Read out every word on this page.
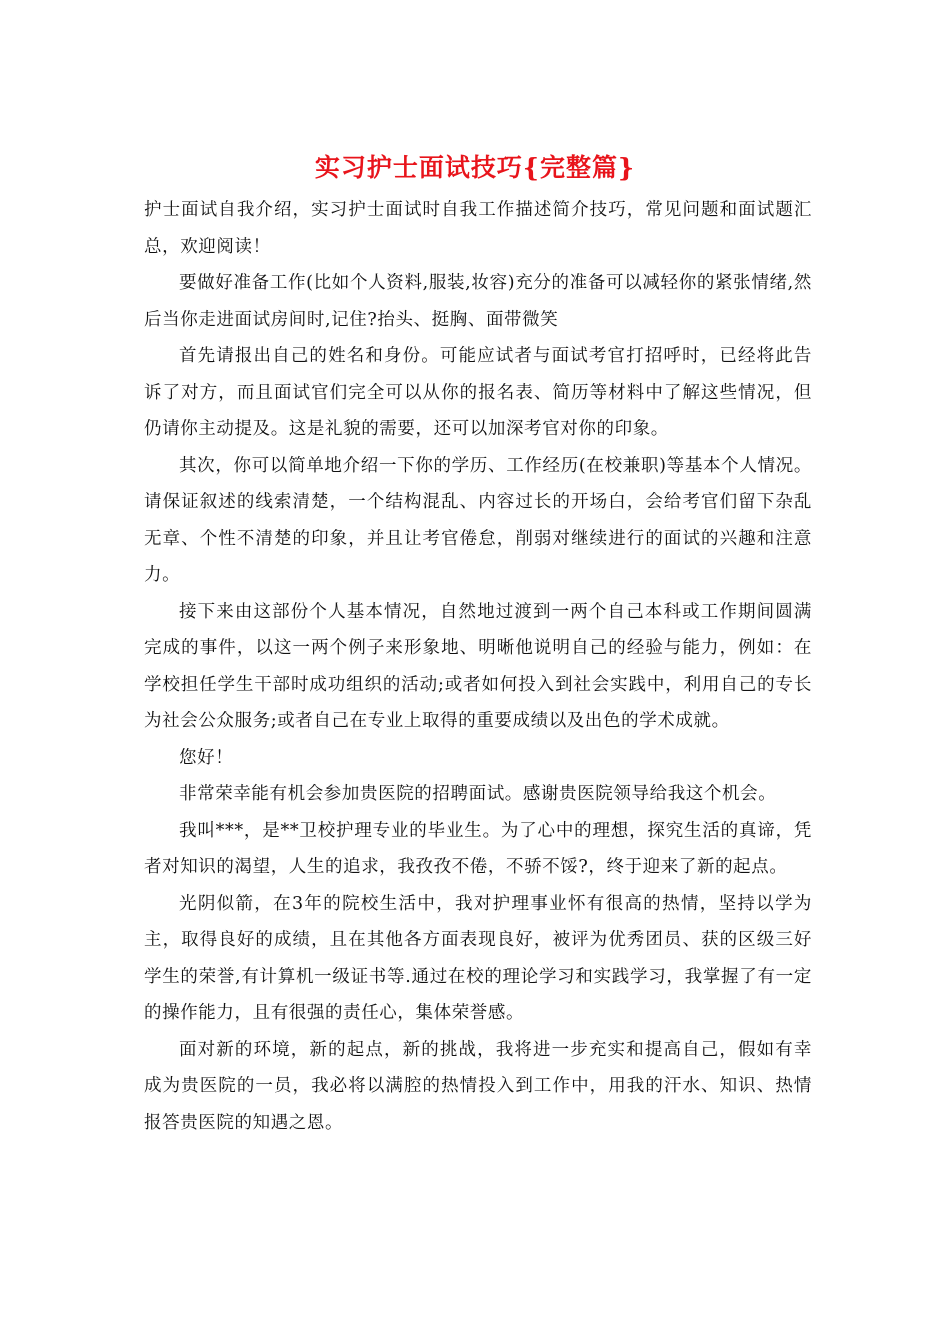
实习护士面试技巧{完整篇}

护士面试自我介绍，实习护士面试时自我工作描述简介技巧，常见问题和面试题汇总，欢迎阅读！

要做好准备工作(比如个人资料,服装,妆容)充分的准备可以减轻你的紧张情绪,然后当你走进面试房间时,记住?抬头、挺胸、面带微笑

首先请报出自己的姓名和身份。可能应试者与面试考官打招呼时，已经将此告诉了对方，而且面试官们完全可以从你的报名表、简历等材料中了解这些情况，但仍请你主动提及。这是礼貌的需要，还可以加深考官对你的印象。

其次，你可以简单地介绍一下你的学历、工作经历(在校兼职)等基本个人情况。请保证叙述的线索清楚，一个结构混乱、内容过长的开场白，会给考官们留下杂乱无章、个性不清楚的印象，并且让考官倦怠，削弱对继续进行的面试的兴趣和注意力。

接下来由这部份个人基本情况，自然地过渡到一两个自己本科或工作期间圆满完成的事件，以这一两个例子来形象地、明晰他说明自己的经验与能力，例如：在学校担任学生干部时成功组织的活动;或者如何投入到社会实践中，利用自己的专长为社会公众服务;或者自己在专业上取得的重要成绩以及出色的学术成就。

您好！

非常荣幸能有机会参加贵医院的招聘面试。感谢贵医院领导给我这个机会。

我叫***，是**卫校护理专业的毕业生。为了心中的理想，探究生活的真谛，凭者对知识的渴望，人生的追求，我孜孜不倦，不骄不馁?，终于迎来了新的起点。

光阴似箭，在3年的院校生活中，我对护理事业怀有很高的热情，坚持以学为主，取得良好的成绩，且在其他各方面表现良好，被评为优秀团员、获的区级三好学生的荣誉,有计算机一级证书等.通过在校的理论学习和实践学习，我掌握了有一定的操作能力，且有很强的责任心，集体荣誉感。

面对新的环境，新的起点，新的挑战，我将进一步充实和提高自己，假如有幸成为贵医院的一员，我必将以满腔的热情投入到工作中，用我的汗水、知识、热情报答贵医院的知遇之恩。
